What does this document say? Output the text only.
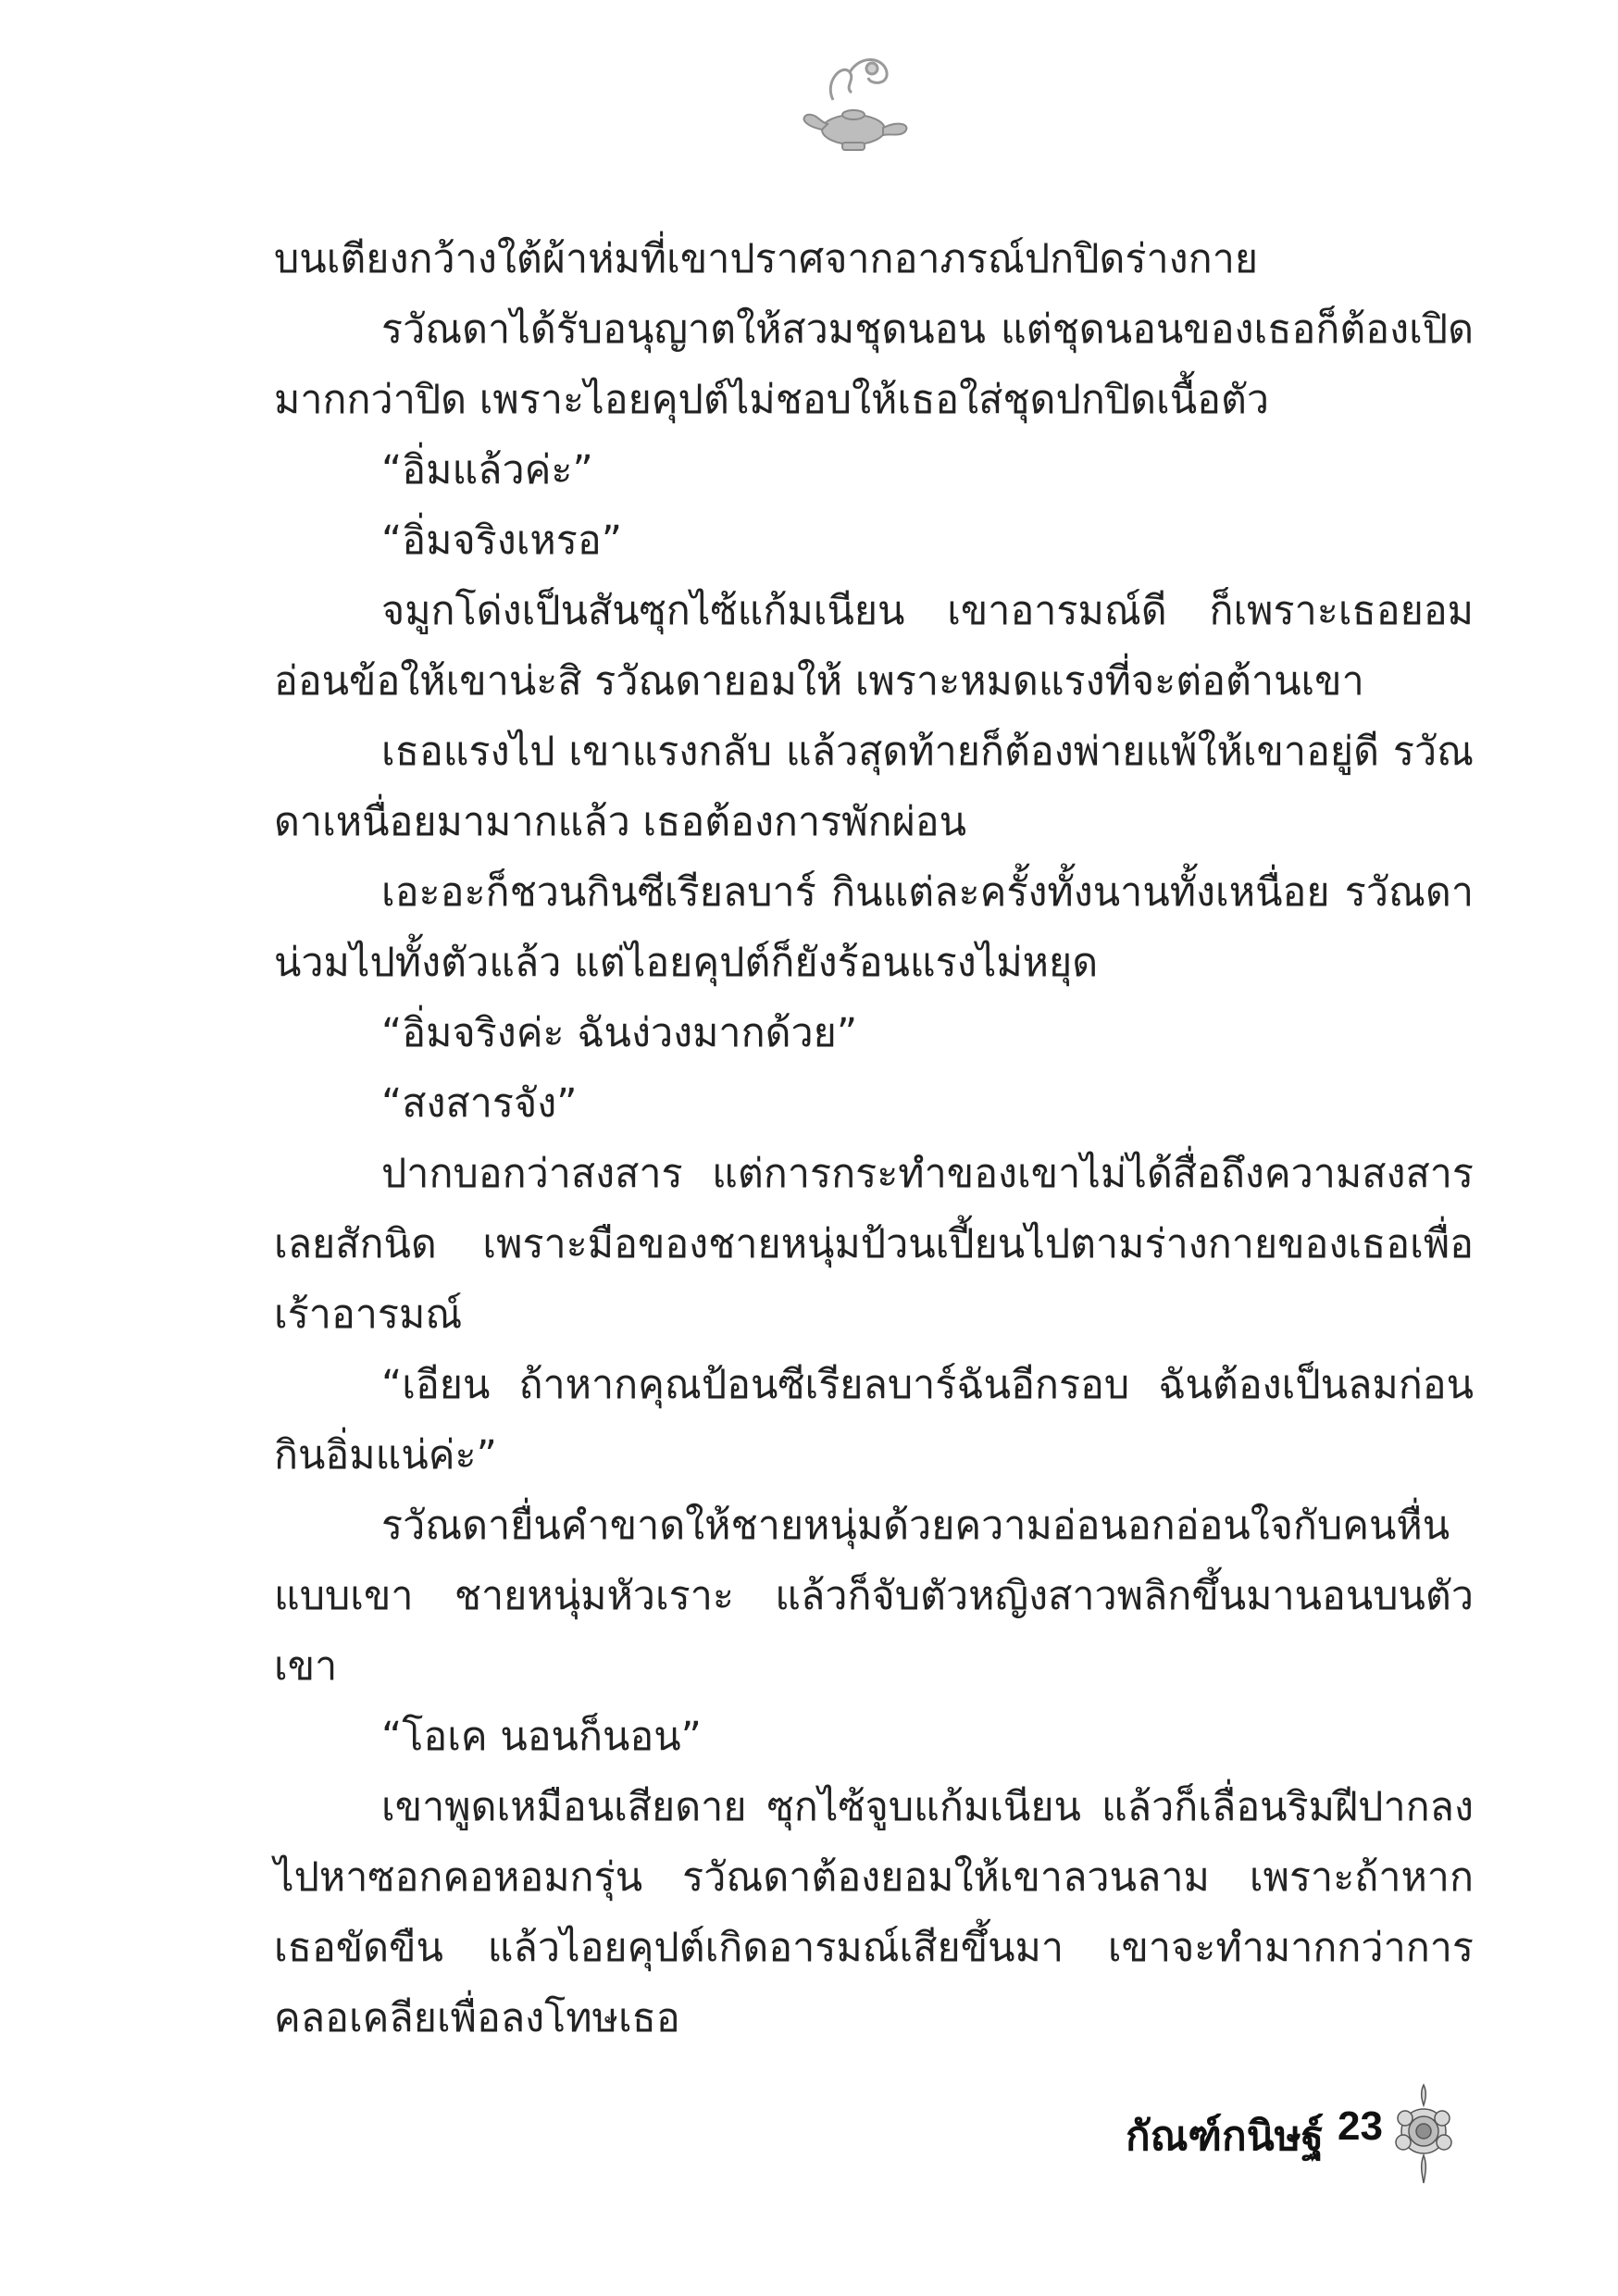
บนเตียงกว้างใต้ผ้าห่มที่เขาปราศจากอาภรณ์ปกปิดร่างกาย

รวัณดาได้รับอนุญาตให้สวมชุดนอน แต่ชุดนอนของเธอก็ต้องเปิดมากกว่าปิด เพราะไอยคุปต์ไม่ชอบให้เธอใส่ชุดปกปิดเนื้อตัว

“อิ่มแล้วค่ะ”

“อิ่มจริงเหรอ”

จมูกโด่งเป็นสันซุกไซ้แก้มเนียน เขาอารมณ์ดี ก็เพราะเธอยอมอ่อนข้อให้เขาน่ะสิ รวัณดายอมให้ เพราะหมดแรงที่จะต่อต้านเขา

เธอแรงไป เขาแรงกลับ แล้วสุดท้ายก็ต้องพ่ายแพ้ให้เขาอยู่ดี รวัณดาเหนื่อยมามากแล้ว เธอต้องการพักผ่อน

เอะอะก็ชวนกินซีเรียลบาร์ กินแต่ละครั้งทั้งนานทั้งเหนื่อย รวัณดาน่วมไปทั้งตัวแล้ว แต่ไอยคุปต์ก็ยังร้อนแรงไม่หยุด

“อิ่มจริงค่ะ ฉันง่วงมากด้วย”

“สงสารจัง”

ปากบอกว่าสงสาร แต่การกระทำของเขาไม่ได้สื่อถึงความสงสารเลยสักนิด เพราะมือของชายหนุ่มป้วนเปี้ยนไปตามร่างกายของเธอเพื่อเร้าอารมณ์

“เอียน ถ้าหากคุณป้อนซีเรียลบาร์ฉันอีกรอบ ฉันต้องเป็นลมก่อนกินอิ่มแน่ค่ะ”

รวัณดายื่นคำขาดให้ชายหนุ่มด้วยความอ่อนอกอ่อนใจกับคนหื่นแบบเขา ชายหนุ่มหัวเราะ แล้วก็จับตัวหญิงสาวพลิกขึ้นมานอนบนตัวเขา

“โอเค นอนก็นอน”

เขาพูดเหมือนเสียดาย ซุกไซ้จูบแก้มเนียน แล้วก็เลื่อนริมฝีปากลงไปหาซอกคอหอมกรุ่น รวัณดาต้องยอมให้เขาลวนลาม เพราะถ้าหากเธอขัดขืน แล้วไอยคุปต์เกิดอารมณ์เสียขึ้นมา เขาจะทำมากกว่าการคลอเคลียเพื่อลงโทษเธอ

กัณฑ์กนิษฐ์ 23
